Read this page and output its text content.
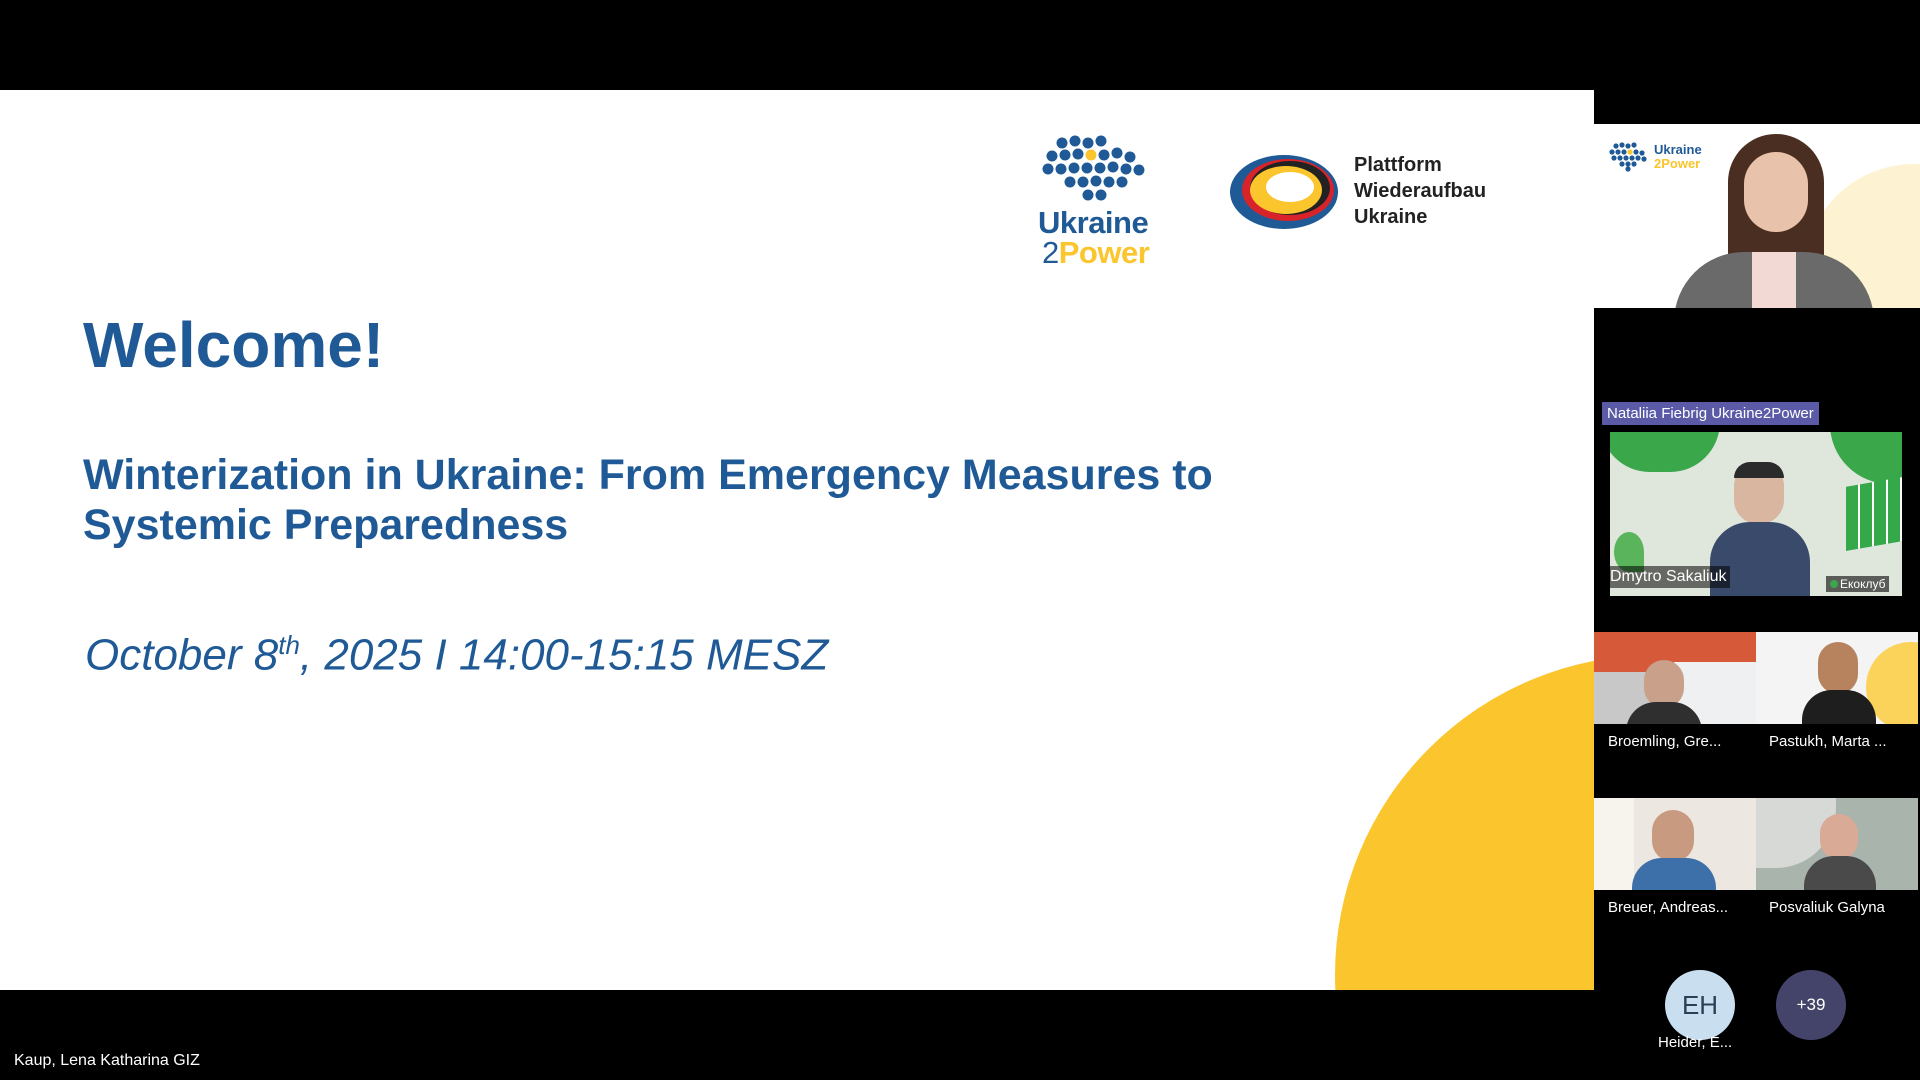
Ukraine
2Power
Plattform
Wiederaufbau
Ukraine
Welcome!
Winterization in Ukraine: From Emergency Measures to
Systemic Preparedness
October 8th, 2025 I 14:00-15:15 MESZ
Kaup, Lena Katharina GIZ
Ukraine
2Power
Nataliia Fiebrig Ukraine2Power
Dmytro Sakaliuk	Екоклуб
Broemling, Gre...	Pastukh, Marta ...
Breuer, Andreas...	Posvaliuk Galyna
EH
Heider, E...
+39
